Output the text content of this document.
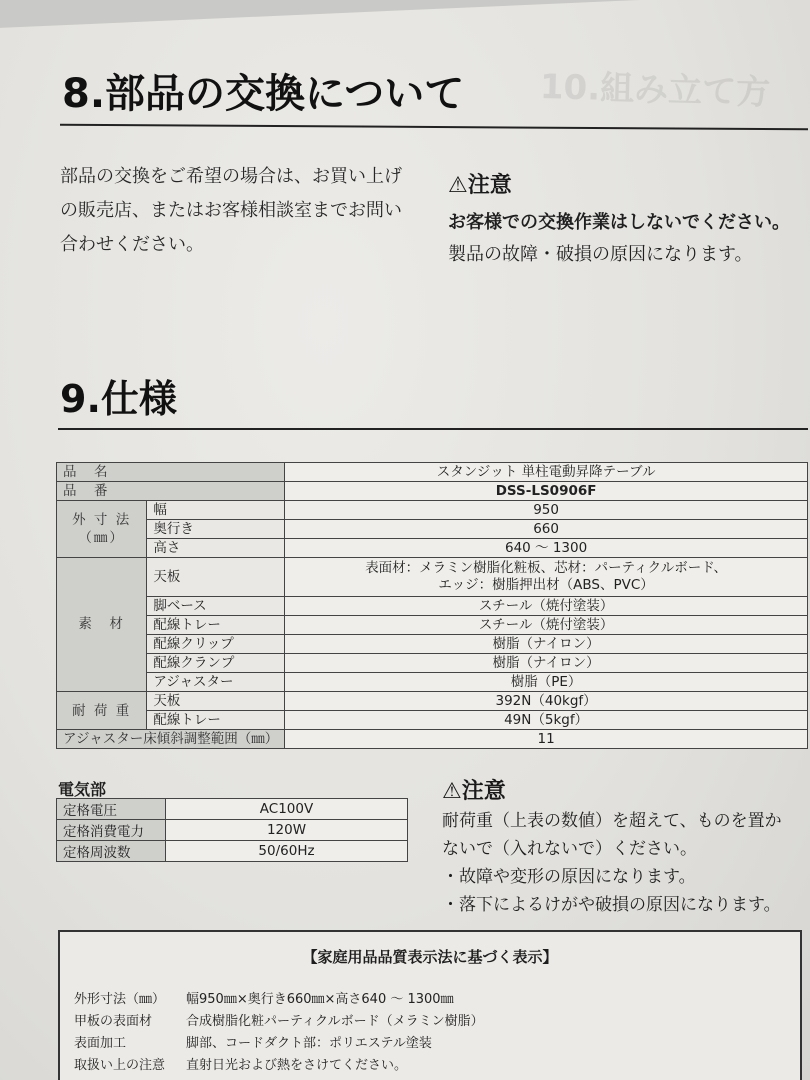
10.組み立て方
8.部品の交換について
部品の交換をご希望の場合は、お買い上げ
の販売店、またはお客様相談室までお問い
合わせください。
⚠注意
お客様での交換作業はしないでください。
製品の故障・破損の原因になります。
9.仕様
品　名		スタンジット 単柱電動昇降テーブル
品　番		DSS-LS0906F
外 寸 法
（㎜）	幅	950
	奥行き	660
	高さ	640 ～ 1300
素　材	天板	表面材：メラミン樹脂化粧板、芯材：パーティクルボード、
エッジ：樹脂押出材（ABS、PVC）
	脚ベース	スチール（焼付塗装）
	配線トレー	スチール（焼付塗装）
	配線クリップ	樹脂（ナイロン）
	配線クランプ	樹脂（ナイロン）
	アジャスター	樹脂（PE）
耐 荷 重	天板	392N（40kgf）
	配線トレー	49N（5kgf）
アジャスター床傾斜調整範囲（㎜）		11
電気部
定格電圧	AC100V
定格消費電力	120W
定格周波数	50/60Hz
⚠注意
耐荷重（上表の数値）を超えて、ものを置か
ないで（入れないで）ください。
・故障や変形の原因になります。
・落下によるけがや破損の原因になります。
【家庭用品品質表示法に基づく表示】
外形寸法（㎜） 幅950㎜×奥行き660㎜×高さ640 ～ 1300㎜
甲板の表面材	合成樹脂化粧パーティクルボード（メラミン樹脂）
表面加工	脚部、コードダクト部：ポリエステル塗装
取扱い上の注意 直射日光および熱をさけてください。
